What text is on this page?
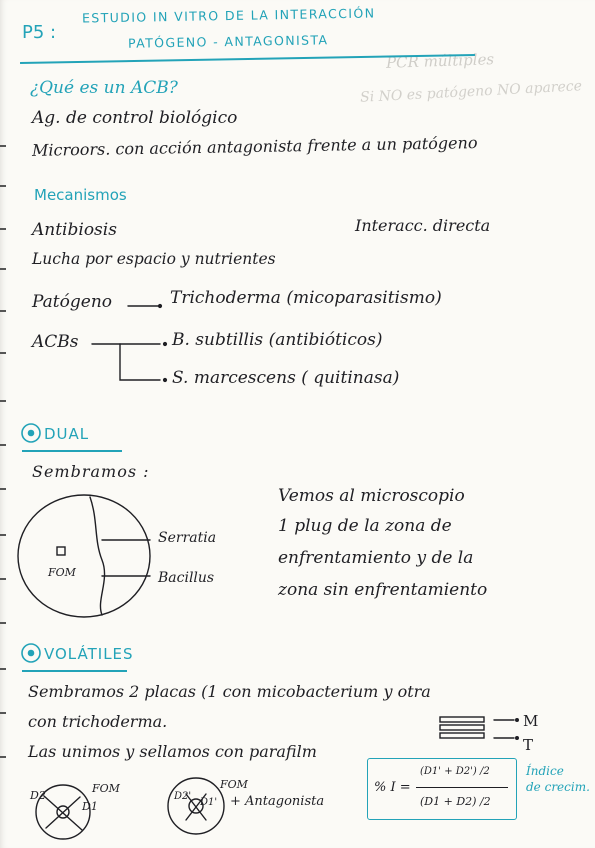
PCR múltiples
Si NO es patógeno NO aparece
P5 :
ESTUDIO IN VITRO DE LA INTERACCIÓN
PATÓGENO - ANTAGONISTA
¿Qué es un ACB?
Ag. de control biológico
Microors. con acción antagonista frente a un patógeno
Mecanismos
Antibiosis	Interacc. directa
Lucha por espacio y nutrientes
Patógeno	Trichoderma (micoparasitismo)
ACBs	B. subtillis (antibióticos)
S. marcescens ( quitinasa)
DUAL
Sembramos :
FOM
Serratia
Bacillus
Vemos al microscopio
1 plug de la zona de
enfrentamiento y de la
zona sin enfrentamiento
VOLÁTILES
Sembramos 2 placas (1 con micobacterium y otra
con trichoderma.
Las unimos y sellamos con parafilm
M
T
D2
D1
FOM
D2'
D1'
FOM
+ Antagonista
% I =
(D1' + D2') /2
(D1 + D2) /2
Índice
de crecim.
